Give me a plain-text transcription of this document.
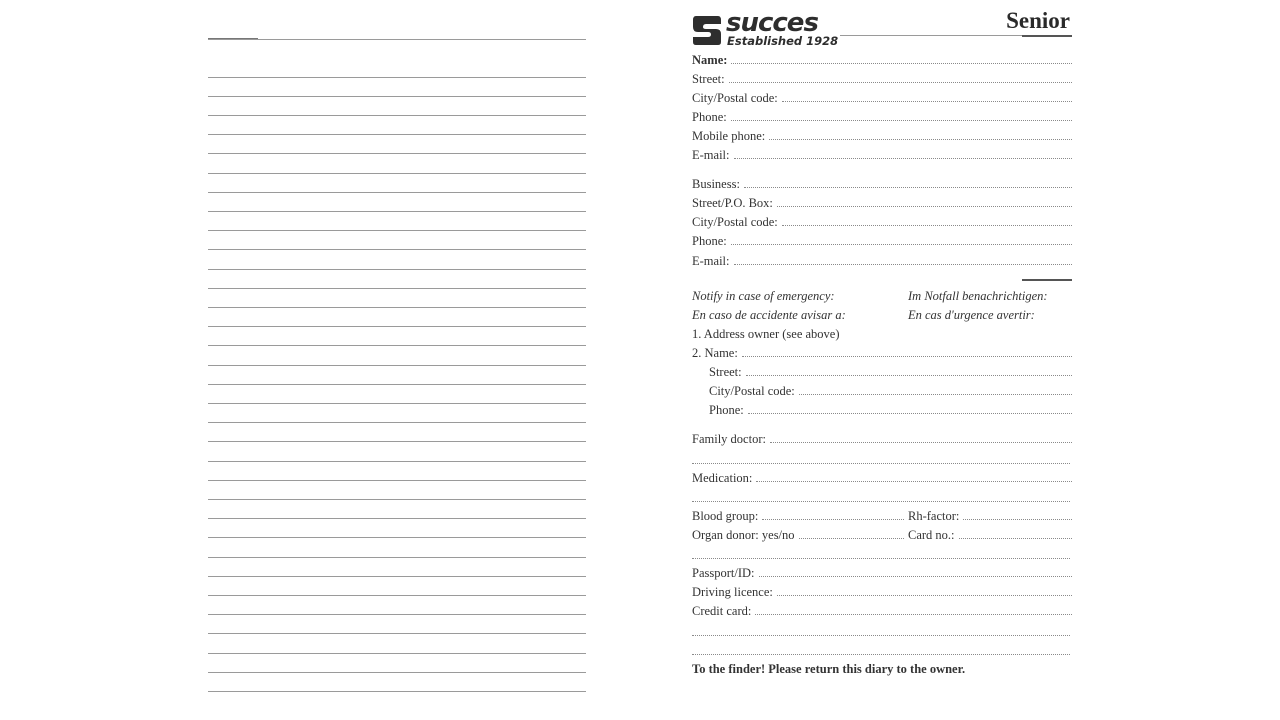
succes
Established 1928
Senior
Name:
Street:
City/Postal code:
Phone:
Mobile phone:
E-mail:
Business:
Street/P.O. Box:
City/Postal code:
Phone:
E-mail:
Notify in case of emergency:	Im Notfall benachrichtigen:
En caso de accidente avisar a:	En cas d'urgence avertir:
1. Address owner (see above)
2. Name:
Street:
City/Postal code:
Phone:
Family doctor:
Medication:
Blood group:	Rh-factor:
Organ donor: yes/no	Card no.:
Passport/ID:
Driving licence:
Credit card:
To the finder! Please return this diary to the owner.
